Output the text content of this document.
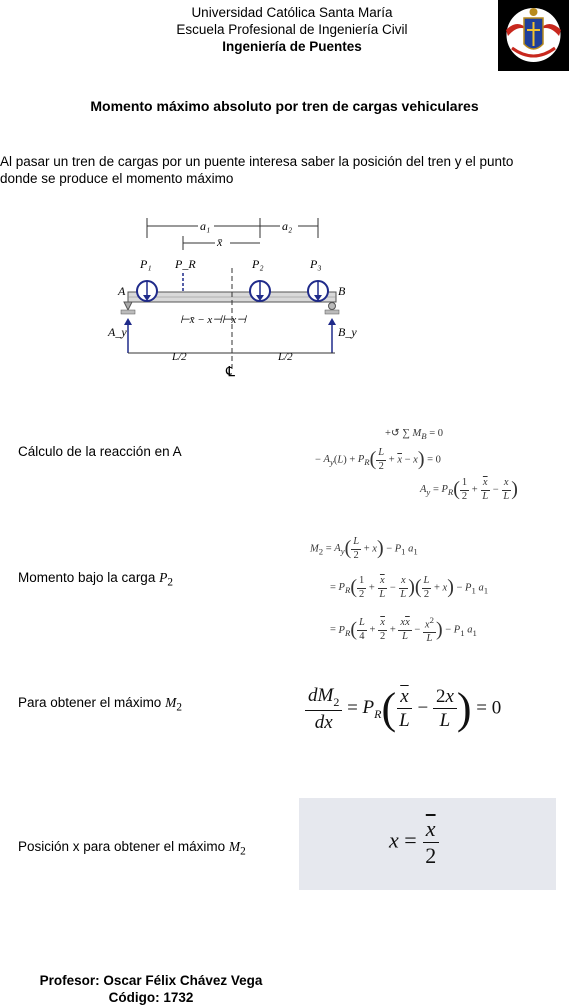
Universidad Católica Santa María
Escuela Profesional de Ingeniería Civil
Ingeniería de Puentes
Momento máximo absoluto por tren de cargas vehiculares
Al pasar un tren de cargas por un puente interesa saber la posición del tren y el punto donde se produce el momento máximo
a₁	a₂
x̄
P₁ P_R	P₂	P₃
A	B
⊢x̄ − x⊣⊢x⊣
A_y	B_y
L/2	L/2
℄
Cálculo de la reacción en A
+↺ ∑ $M_B = 0$
− $A_y(L) + P_R( \frac{L}{2} + \overline{x} - x) = 0$
$A_y = P_R( \frac{1}{2} + \frac{\overline{x}}{L} - \frac{x}{L}$ )
Momento bajo la carga $P_2$
$M_2 = A_y( \frac{L}{2} + x) - P_1$ $a_1$
= $P_R( \frac{1}{2} + \frac{\overline{x}}{L} - \frac{x}{L}$ )( $\frac{L}{2} + x) - P_1$ $a_1$
= $P_R( \frac{L}{4} + \frac{\overline{x}}{2} + \frac{x\overline{x}}{L} - \frac{x^2}{L}$ ) − $P_1$ $a_1$
Para obtener el máximo $M_2$	$\frac{dM_2}{dx} = P_R( \frac{\overline{x}}{L} - \frac{2x}{L}$ ) = 0
Posición x para obtener el máximo $M_2$	$x = \frac{\overline{x}}{2}$
Profesor: Oscar Félix Chávez Vega
Código: 1732
